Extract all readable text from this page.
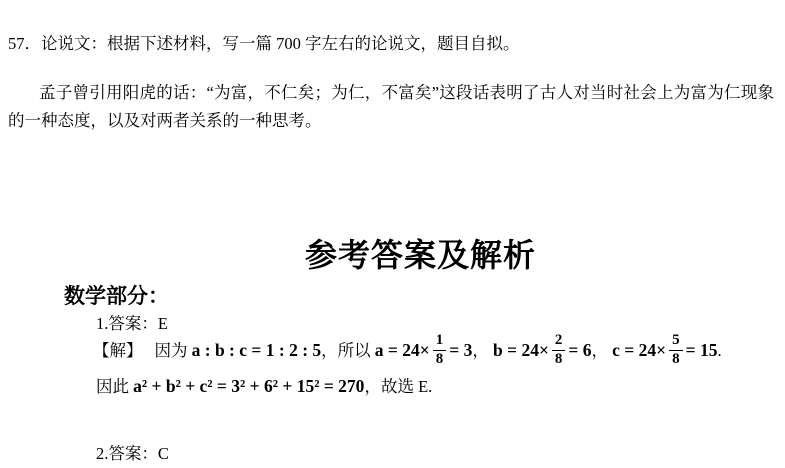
57．论说文：根据下述材料，写一篇 700 字左右的论说文，题目自拟。
孟子曾引用阳虎的话：“为富，不仁矣；为仁，不富矣”这段话表明了古人对当时社会上为富为仁现象的一种态度，以及对两者关系的一种思考。
参考答案及解析
数学部分：
1.答案：E
【解】 因为 a : b : c = 1 : 2 : 5，所以 $a = 24\times \frac{1}{8} = 3$， $b = 24\times \frac{2}{8} = 6$， $c = 24\times \frac{5}{8} = 15$.
因此 a² + b² + c² = 3² + 6² + 15² = 270，故选 E.
2.答案：C
